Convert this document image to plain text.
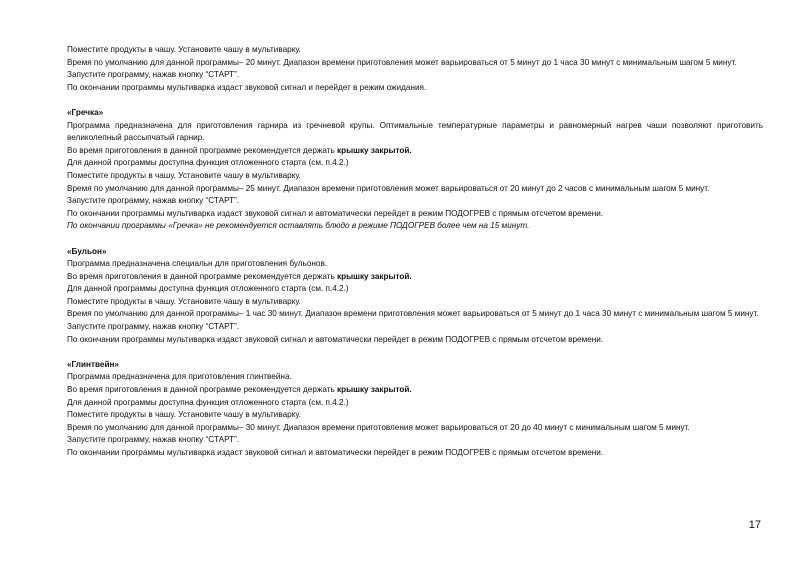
Поместите продукты в чашу. Установите чашу в мультиварку.

Время по умолчанию для данной программы– 20 минут. Диапазон времени приготовления может варьироваться от 5 минут до 1 часа 30 минут с минимальным шагом 5 минут.

Запустите программу, нажав кнопку “СТАРТ”.

По окончании программы мультиварка издаст звуковой сигнал и перейдет в режим ожидания.

«Гречка»

Программа предназначена для приготовления гарнира из гречневой крупы. Оптимальные температурные параметры и равномерный нагрев чаши позволяют приготовить великолепный рассыпчатый гарнир.

Во время приготовления в данной программе рекомендуется держать крышку закрытой.

Для данной программы доступна функция отложенного старта (см. п.4.2.)

Поместите продукты в чашу. Установите чашу в мультиварку.

Время по умолчанию для данной программы– 25 минут. Диапазон времени приготовления может варьироваться от 20 минут до 2 часов с минимальным шагом 5 минут.

Запустите программу, нажав кнопку “СТАРТ”.

По окончании программы мультиварка издаст звуковой сигнал и автоматически перейдет в режим ПОДОГРЕВ с прямым отсчетом времени.

По окончании программы «Гречка» не рекомендуется оставлять блюдо в режиме ПОДОГРЕВ более чем на 15 минут.

«Бульон»

Программа предназначена специальн для приготовления бульонов.

Во время приготовления в данной программе рекомендуется держать крышку закрытой.

Для данной программы доступна функция отложенного старта (см. п.4.2.)

Поместите продукты в чашу. Установите чашу в мультиварку.

Время по умолчанию для данной программы– 1 час 30 минут. Диапазон времени приготовления может варьироваться от 5 минут до 1 часа 30 минут с минимальным шагом 5 минут.

Запустите программу, нажав кнопку “СТАРТ”.

По окончании программы мультиварка издаст звуковой сигнал и автоматически перейдет в режим ПОДОГРЕВ с прямым отсчетом времени.

«Глинтвейн»

Программа предназначена для приготовления глинтвейна.

Во время приготовления в данной программе рекомендуется держать крышку закрытой.

Для данной программы доступна функция отложенного старта (см. п.4.2.)

Поместите продукты в чашу. Установите чашу в мультиварку.

Время по умолчанию для данной программы– 30 минут. Диапазон времени приготовления может варьироваться от 20 до 40 минут с минимальным шагом 5 минут.

Запустите программу, нажав кнопку “СТАРТ”.

По окончании программы мультиварка издаст звуковой сигнал и автоматически перейдет в режим ПОДОГРЕВ с прямым отсчетом времени.

17
